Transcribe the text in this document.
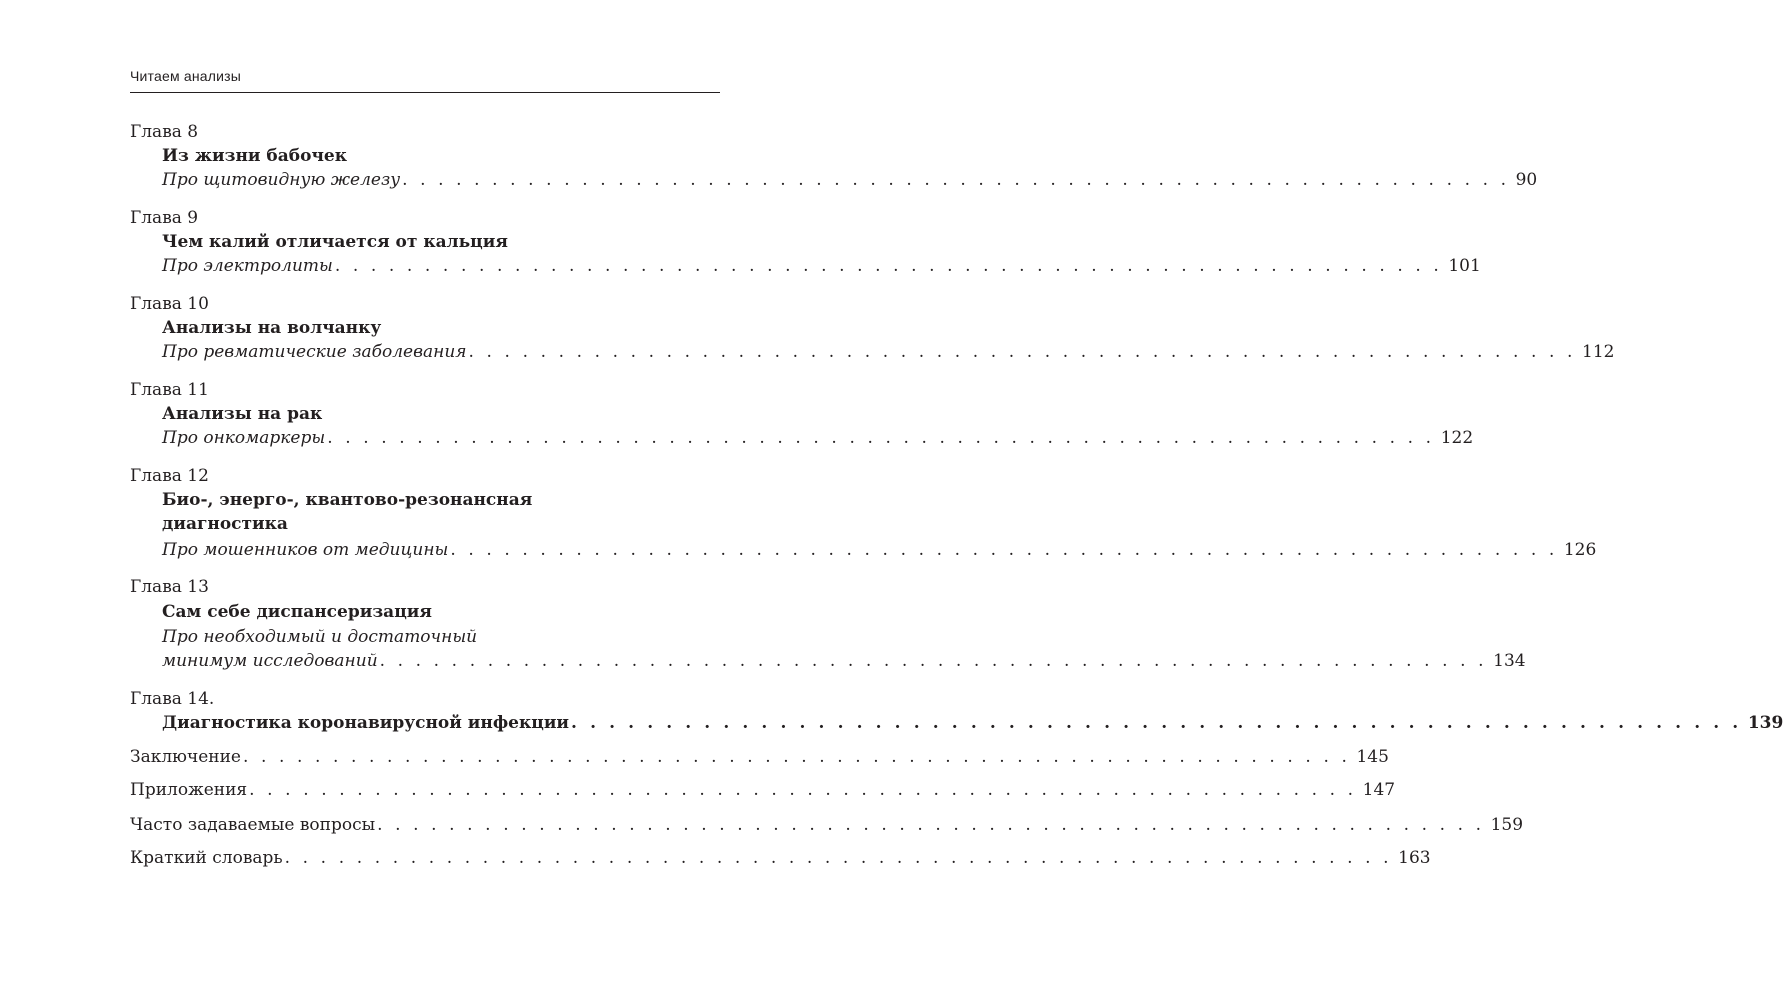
Читаем анализы
Глава 8
Из жизни бабочек
Про щитовидную железу . . . . . . . . . . . . . . . . . . . . . . . . . . . . . . . . . . . . . . . . . . . . . . . . . . . . . . . . . . . . . . 90
Глава 9
Чем калий отличается от кальция
Про электролиты . . . . . . . . . . . . . . . . . . . . . . . . . . . . . . . . . . . . . . . . . . . . . . . . . . . . . . . . . . . . . . 101
Глава 10
Анализы на волчанку
Про ревматические заболевания . . . . . . . . . . . . . . . . . . . . . . . . . . . . . . . . . . . . . . . . . . . . . . . . . . . . . . . . . . . . . . 112
Глава 11
Анализы на рак
Про онкомаркеры . . . . . . . . . . . . . . . . . . . . . . . . . . . . . . . . . . . . . . . . . . . . . . . . . . . . . . . . . . . . . . 122
Глава 12
Био-, энерго-, квантово-резонансная
диагностика
Про мошенников от медицины . . . . . . . . . . . . . . . . . . . . . . . . . . . . . . . . . . . . . . . . . . . . . . . . . . . . . . . . . . . . . . 126
Глава 13
Сам себе диспансеризация
Про необходимый и достаточный
минимум исследований . . . . . . . . . . . . . . . . . . . . . . . . . . . . . . . . . . . . . . . . . . . . . . . . . . . . . . . . . . . . . . 134
Глава 14.
Диагностика коронавирусной инфекции . . . . . . . . . . . . . . . . . . . . . . . . . . . . . . . . . . . . . . . . . . . . . . . . . . . . . . . . . . . . . . 139
Заключение . . . . . . . . . . . . . . . . . . . . . . . . . . . . . . . . . . . . . . . . . . . . . . . . . . . . . . . . . . . . . . 145
Приложения . . . . . . . . . . . . . . . . . . . . . . . . . . . . . . . . . . . . . . . . . . . . . . . . . . . . . . . . . . . . . . 147
Часто задаваемые вопросы . . . . . . . . . . . . . . . . . . . . . . . . . . . . . . . . . . . . . . . . . . . . . . . . . . . . . . . . . . . . . . 159
Краткий словарь . . . . . . . . . . . . . . . . . . . . . . . . . . . . . . . . . . . . . . . . . . . . . . . . . . . . . . . . . . . . . . 163
